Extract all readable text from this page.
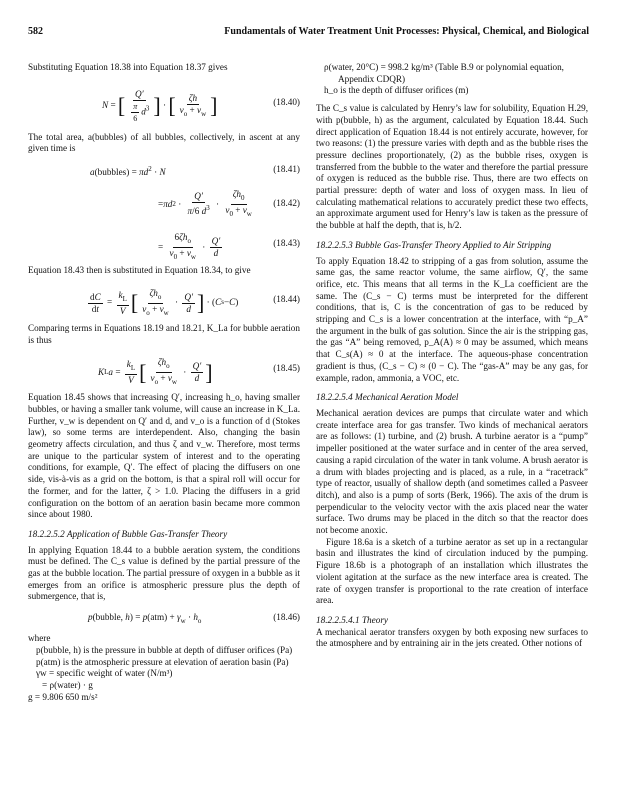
582	Fundamentals of Water Treatment Unit Processes: Physical, Chemical, and Biological

Substituting Equation 18.38 into Equation 18.37 gives

N = [ $\frac{Q'}{\frac{\pi}{6} d^3}$ ] · [ $\frac{\zeta h}{v_o + v_w}$ ]	(18.40)

The total area, a(bubbles) of all bubbles, collectively, in ascent at any given time is

a(bubbles) = $\pi d^2 \cdot N$	(18.41)
= πd $2 \cdot \frac{Q'}{\pi/6 d^3} \cdot \frac{\zeta h_0}{v_0 + v_w} (18.42)$
= $\frac{6\zeta h_o}{v_0 + v_w} \cdot \frac{Q'}{d}$	(18.43)

Equation 18.43 then is substituted in Equation 18.34, to give

$\frac{dC}{dt} = \frac{k_L}{V}$ [ $\frac{\zeta h_o}{v_o + v_w} \cdot \frac{Q'}{d}$ ] · ( C s − C )	(18.44)

Comparing terms in Equations 18.19 and 18.21, K_La for bubble aeration is thus

K L $a = \frac{k_L}{V}$ [ $\frac{\zeta h_o}{v_o + v_w} \cdot \frac{Q'}{d}$ ]	(18.45)

Equation 18.45 shows that increasing Q′, increasing h_o, having smaller bubbles, or having a smaller tank volume, will cause an increase in K_La. Further, v_w is dependent on Q′ and d, and v_o is a function of d (Stokes law), so some terms are interdependent. Also, changing the basin geometry affects circulation, and thus ζ and v_w. Therefore, most terms are unique to the particular system of interest and to the operating conditions, for example, Q′. The effect of placing the diffusers on one side, vis-à-vis as a grid on the bottom, is that a spiral roll will occur for the former, and for the latter, ζ > 1.0. Placing the diffusers in a grid configuration on the bottom of an aeration basin became more common since about 1980.

18.2.2.5.2 Application of Bubble Gas-Transfer Theory

In applying Equation 18.44 to a bubble aeration system, the conditions must be defined. The C_s value is defined by the partial pressure of the gas at the bubble location. The partial pressure of oxygen in a bubble as it emerges from an orifice is atmospheric pressure plus the depth of submergence, that is,

p(bubble, $h) = p(atm) + \gamma_w \cdot h_o$	(18.46)

where

p(bubble, h) is the pressure in bubble at depth of diffuser orifices (Pa)

p(atm) is the atmospheric pressure at elevation of aeration basin (Pa)

γw = specific weight of water (N/m³)

= ρ(water) · g

g = 9.806 650 m/s²

ρ(water, 20°C) = 998.2 kg/m³ (Table B.9 or polynomial equation, Appendix CDQR)

h_o is the depth of diffuser orifices (m)

The C_s value is calculated by Henry’s law for solubility, Equation H.29, with p(bubble, h) as the argument, calculated by Equation 18.44. Such direct application of Equation 18.44 is not entirely accurate, however, for two reasons: (1) the pressure varies with depth and as the bubble rises the pressure declines proportionately, (2) as the bubble rises, oxygen is transferred from the bubble to the water and therefore the partial pressure of oxygen is reduced as the bubble rise. Thus, there are two effects on partial pressure: depth of water and loss of oxygen mass. In lieu of calculating mathematical relations to accurately predict these two effects, an approximate argument used for Henry’s law is taken as the pressure of the bubble at half the depth, that is, h/2.

18.2.2.5.3 Bubble Gas-Transfer Theory Applied to Air Stripping

To apply Equation 18.42 to stripping of a gas from solution, assume the same gas, the same reactor volume, the same airflow, Q′, the same orifice, etc. This means that all terms in the K_La coefficient are the same. The (C_s − C) terms must be interpreted for the different conditions, that is, C is the concentration of gas to be reduced by stripping and C_s is a lower concentration at the interface, with “p_A” the argument in the bulk of gas solution. Since the air is the stripping gas, the gas “A” being removed, p_A(A) ≈ 0 may be assumed, which means that C_s(A) ≈ 0 at the interface. The aqueous-phase concentration gradient is thus, (C_s − C) ≈ (0 − C). The “gas-A” may be any gas, for example, radon, ammonia, a VOC, etc.

18.2.2.5.4 Mechanical Aeration Model

Mechanical aeration devices are pumps that circulate water and which create interface area for gas transfer. Two kinds of mechanical aerators are as follows: (1) turbine, and (2) brush. A turbine aerator is a “pump” impeller positioned at the water surface and in center of the area served, causing a rapid circulation of the water in tank volume. A brush aerator is a drum with blades projecting and is placed, as a rule, in a “racetrack” type of reactor, usually of shallow depth (and sometimes called a Pasveer ditch), and also is a pump of sorts (Berk, 1966). The axis of the drum is perpendicular to the velocity vector with the axis placed near the water surface. Two drums may be placed in the ditch so that the reactor does not become anoxic.

Figure 18.6a is a sketch of a turbine aerator as set up in a rectangular basin and illustrates the kind of circulation induced by the pumping. Figure 18.6b is a photograph of an installation which illustrates the violent agitation at the surface as the new interface area is created. The rate of oxygen transfer is proportional to the rate creation of interface area.

18.2.2.5.4.1 Theory

A mechanical aerator transfers oxygen by both exposing new surfaces to the atmosphere and by entraining air in the jets created. Other notions of
